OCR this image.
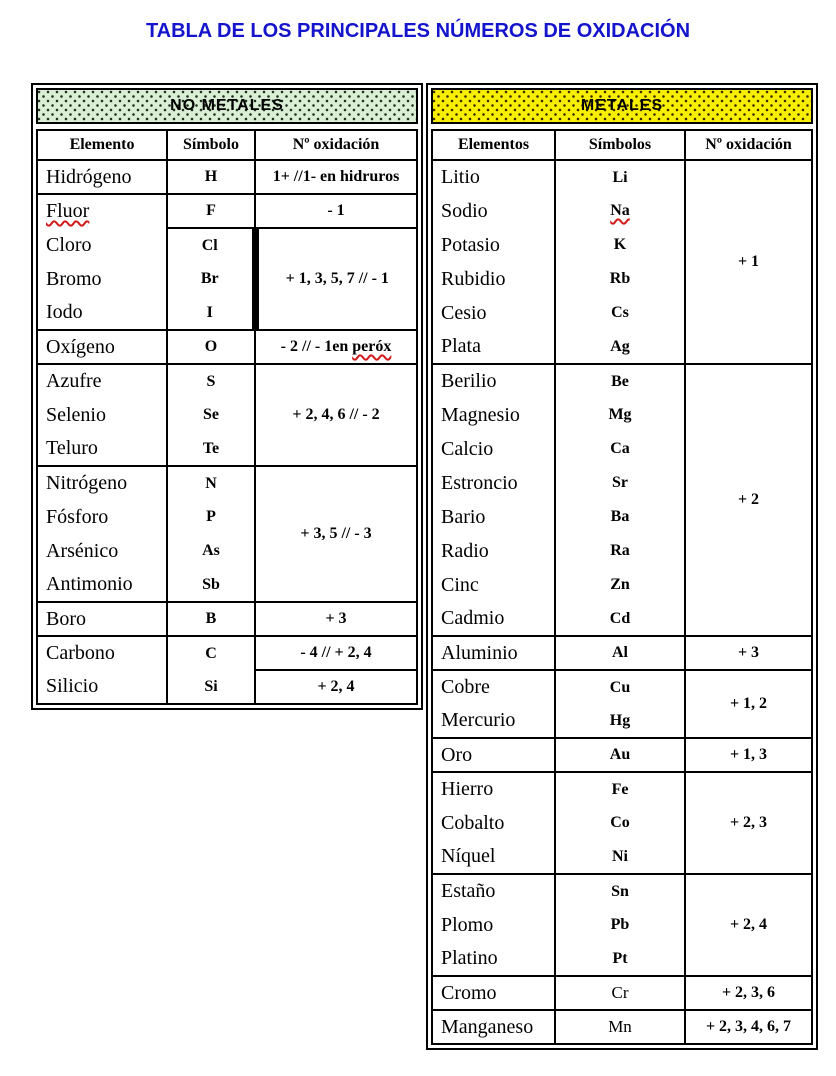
TABLA DE LOS PRINCIPALES NÚMEROS DE OXIDACIÓN
NO METALES
Elemento	Símbolo	Nº oxidación
Hidrógeno	H	1+ //1- en hidruros
Fluor	F	- 1
Cloro	Cl	+ 1, 3, 5, 7 // - 1
Bromo	Br	
Iodo	I	
Oxígeno	O	- 2 // - 1en peróx
Azufre	S	+ 2, 4, 6 // - 2
Selenio	Se	
Teluro	Te	
Nitrógeno	N	+ 3, 5 // - 3
Fósforo	P	
Arsénico	As	
Antimonio	Sb	
Boro	B	+ 3
Carbono	C	- 4 // + 2, 4
Silicio	Si	+ 2, 4
METALES
Elementos	Símbolos	Nº oxidación
Litio	Li	+ 1
Sodio	Na	
Potasio	K	
Rubidio	Rb	
Cesio	Cs	
Plata	Ag	
Berilio	Be	+ 2
Magnesio	Mg	
Calcio	Ca	
Estroncio	Sr	
Bario	Ba	
Radio	Ra	
Cinc	Zn	
Cadmio	Cd	
Aluminio	Al	+ 3
Cobre	Cu	+ 1, 2
Mercurio	Hg	
Oro	Au	+ 1, 3
Hierro	Fe	+ 2, 3
Cobalto	Co	
Níquel	Ni	
Estaño	Sn	+ 2, 4
Plomo	Pb	
Platino	Pt	
Cromo	Cr	+ 2, 3, 6
Manganeso	Mn	+ 2, 3, 4, 6, 7
